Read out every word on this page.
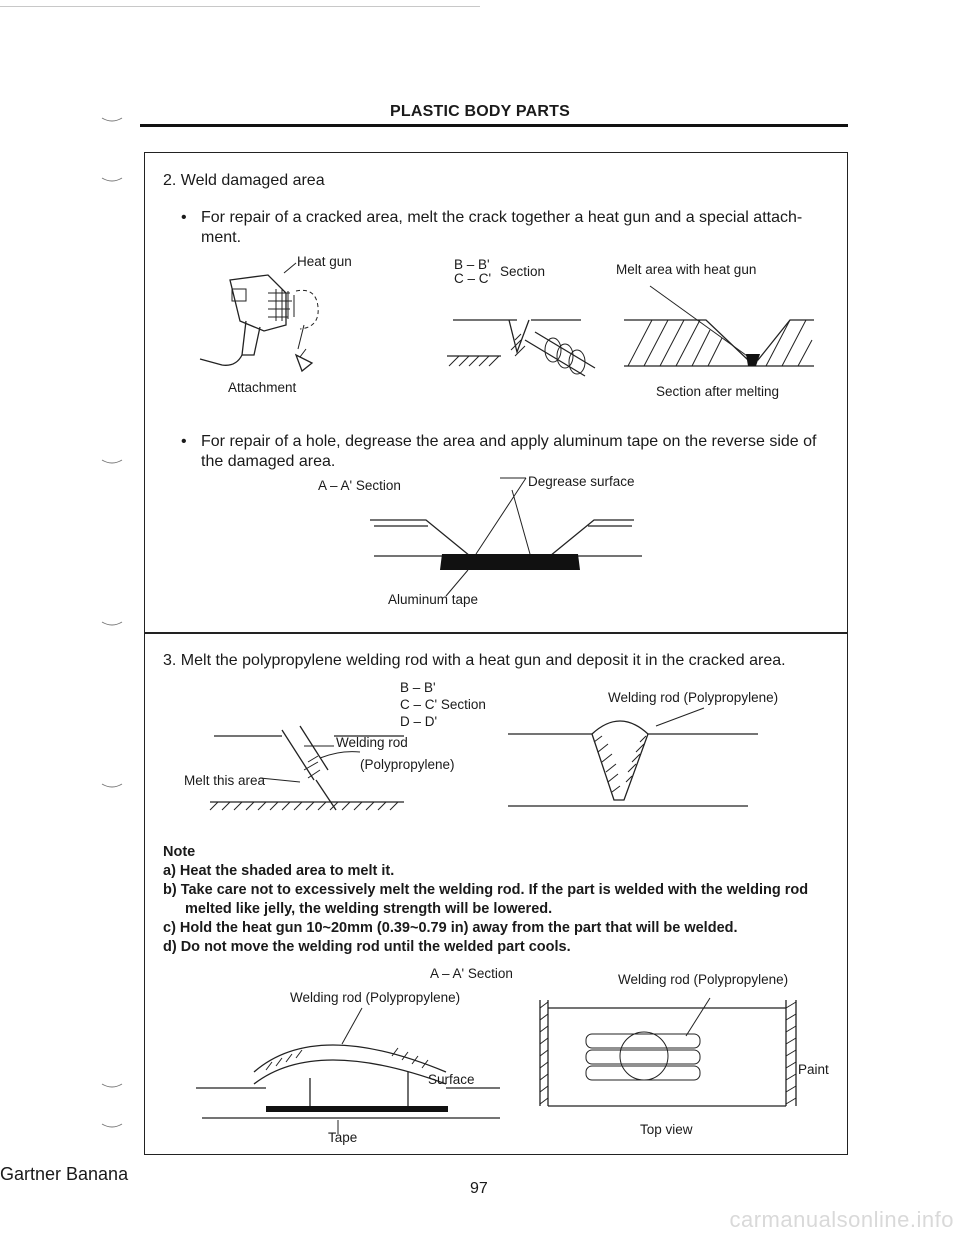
PLASTIC BODY PARTS
2. Weld damaged area
• For repair of a cracked area, melt the crack together a heat gun and a special attach-ment.
Heat gun
Attachment
B – B'
C – C' Section	Melt area with heat gun
Section after melting
• For repair of a hole, degrease the area and apply aluminum tape on the reverse side of the damaged area.
A – A' Section	Degrease surface
Aluminum tape
3. Melt the polypropylene welding rod with a heat gun and deposit it in the cracked area.
B – B'
C – C' Section
D – D'
Welding rod
(Polypropylene)
Melt this area
Welding rod (Polypropylene)
Note
a) Heat the shaded area to melt it.
b) Take care not to excessively melt the welding rod. If the part is welded with the welding rod melted like jelly, the welding strength will be lowered.
c) Hold the heat gun 10~20mm (0.39~0.79 in) away from the part that will be welded.
d) Do not move the welding rod until the welded part cools.
A – A' Section
Welding rod (Polypropylene)
Surface
Tape
Welding rod (Polypropylene)
Paint
Top view
Gartner Banana
97
carmanualsonline.info
